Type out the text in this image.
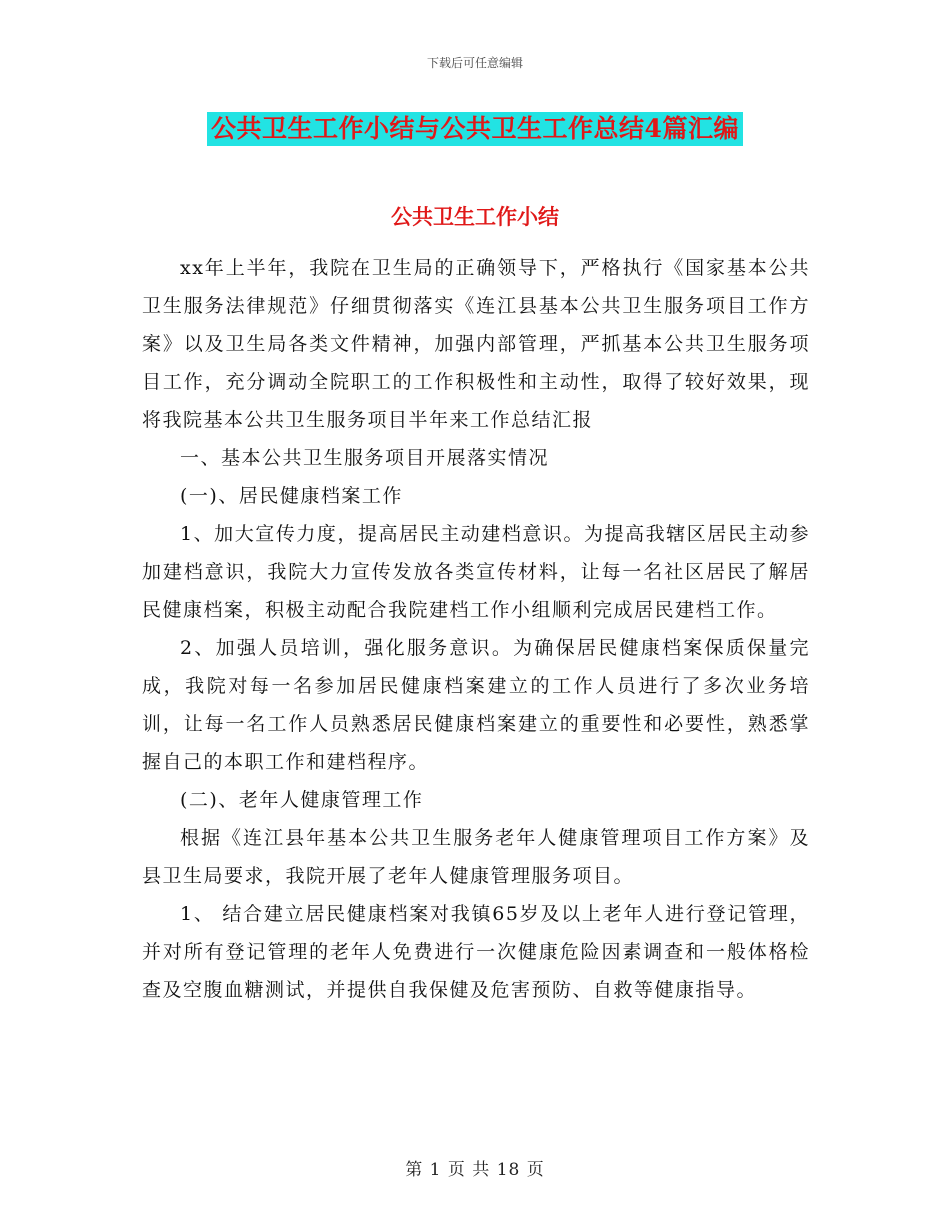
下载后可任意编辑
公共卫生工作小结与公共卫生工作总结4篇汇编
公共卫生工作小结

xx年上半年，我院在卫生局的正确领导下，严格执行《国家基本公共卫生服务法律规范》仔细贯彻落实《连江县基本公共卫生服务项目工作方案》以及卫生局各类文件精神，加强内部管理，严抓基本公共卫生服务项目工作，充分调动全院职工的工作积极性和主动性，取得了较好效果，现将我院基本公共卫生服务项目半年来工作总结汇报

一、基本公共卫生服务项目开展落实情况

(一)、居民健康档案工作

1、加大宣传力度，提高居民主动建档意识。为提高我辖区居民主动参加建档意识，我院大力宣传发放各类宣传材料，让每一名社区居民了解居民健康档案，积极主动配合我院建档工作小组顺利完成居民建档工作。

2、加强人员培训，强化服务意识。为确保居民健康档案保质保量完成，我院对每一名参加居民健康档案建立的工作人员进行了多次业务培训，让每一名工作人员熟悉居民健康档案建立的重要性和必要性，熟悉掌握自己的本职工作和建档程序。

(二)、老年人健康管理工作

根据《连江县年基本公共卫生服务老年人健康管理项目工作方案》及县卫生局要求，我院开展了老年人健康管理服务项目。

1、 结合建立居民健康档案对我镇65岁及以上老年人进行登记管理，并对所有登记管理的老年人免费进行一次健康危险因素调查和一般体格检查及空腹血糖测试，并提供自我保健及危害预防、自救等健康指导。

第 1 页 共 18 页
